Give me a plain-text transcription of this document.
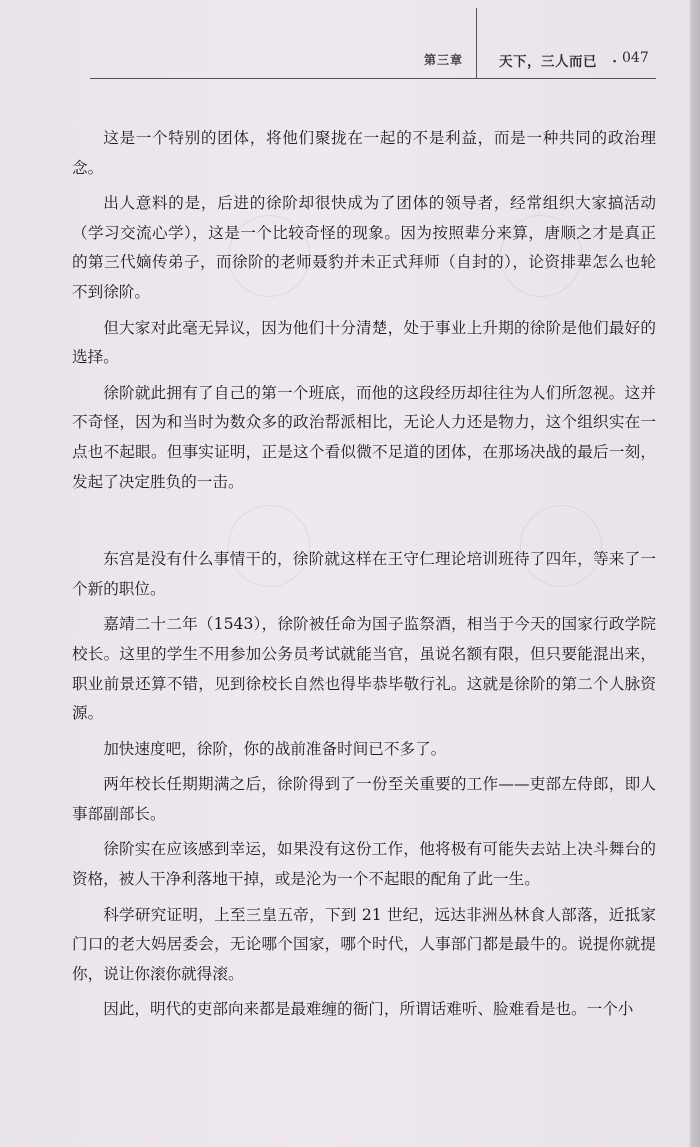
第三章	天下，三人而已 · 047

这是一个特别的团体，将他们聚拢在一起的不是利益，而是一种共同的政治理念。

出人意料的是，后进的徐阶却很快成为了团体的领导者，经常组织大家搞活动（学习交流心学），这是一个比较奇怪的现象。因为按照辈分来算，唐顺之才是真正的第三代嫡传弟子，而徐阶的老师聂豹并未正式拜师（自封的），论资排辈怎么也轮不到徐阶。

但大家对此毫无异议，因为他们十分清楚，处于事业上升期的徐阶是他们最好的选择。

徐阶就此拥有了自己的第一个班底，而他的这段经历却往往为人们所忽视。这并不奇怪，因为和当时为数众多的政治帮派相比，无论人力还是物力，这个组织实在一点也不起眼。但事实证明，正是这个看似微不足道的团体，在那场决战的最后一刻，发起了决定胜负的一击。

东宫是没有什么事情干的，徐阶就这样在王守仁理论培训班待了四年，等来了一个新的职位。

嘉靖二十二年（1543），徐阶被任命为国子监祭酒，相当于今天的国家行政学院校长。这里的学生不用参加公务员考试就能当官，虽说名额有限，但只要能混出来，职业前景还算不错，见到徐校长自然也得毕恭毕敬行礼。这就是徐阶的第二个人脉资源。

加快速度吧，徐阶，你的战前准备时间已不多了。

两年校长任期期满之后，徐阶得到了一份至关重要的工作——吏部左侍郎，即人事部副部长。

徐阶实在应该感到幸运，如果没有这份工作，他将极有可能失去站上决斗舞台的资格，被人干净利落地干掉，或是沦为一个不起眼的配角了此一生。

科学研究证明，上至三皇五帝，下到 21 世纪，远达非洲丛林食人部落，近抵家门口的老大妈居委会，无论哪个国家，哪个时代，人事部门都是最牛的。说提你就提你，说让你滚你就得滚。

因此，明代的吏部向来都是最难缠的衙门，所谓话难听、脸难看是也。一个小
